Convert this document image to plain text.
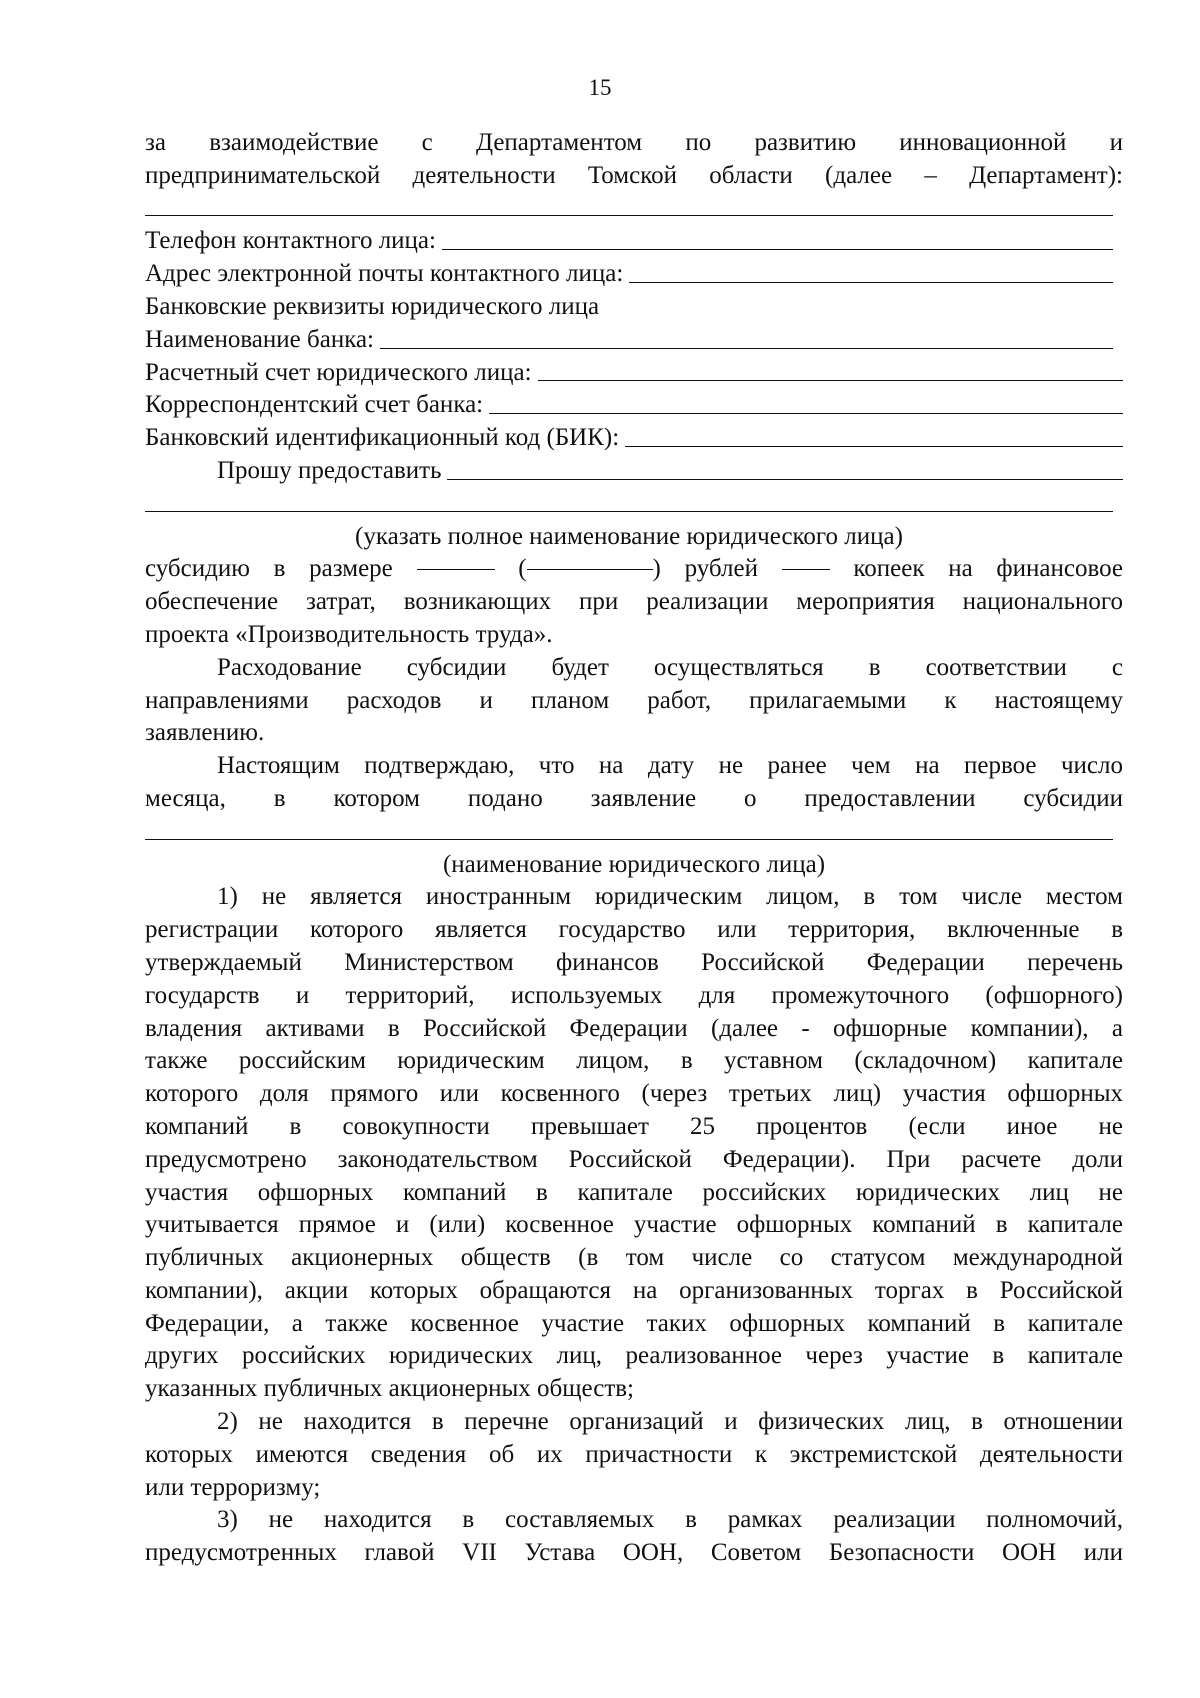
15
за взаимодействие с Департаментом по развитию инновационной и
предпринимательской деятельности Томской области (далее – Департамент):
Телефон контактного лица:
Адрес электронной почты контактного лица:
Банковские реквизиты юридического лица
Наименование банка:
Расчетный счет юридического лица:
Корреспондентский счет банка:
Банковский идентификационный код (БИК):
Прошу предоставить
(указать полное наименование юридического лица)
субсидию в размере	(	) рублей	копеек на финансовое
обеспечение затрат, возникающих при реализации мероприятия национального
проекта «Производительность труда».
Расходование субсидии будет осуществляться в соответствии с
направлениями расходов и планом работ, прилагаемыми к настоящему
заявлению.
Настоящим подтверждаю, что на дату не ранее чем на первое число
месяца, в котором подано заявление о предоставлении субсидии
(наименование юридического лица)
1) не является иностранным юридическим лицом, в том числе местом
регистрации которого является государство или территория, включенные в
утверждаемый Министерством финансов Российской Федерации перечень
государств и территорий, используемых для промежуточного (офшорного)
владения активами в Российской Федерации (далее - офшорные компании), а
также российским юридическим лицом, в уставном (складочном) капитале
которого доля прямого или косвенного (через третьих лиц) участия офшорных
компаний в совокупности превышает 25 процентов (если иное не
предусмотрено законодательством Российской Федерации). При расчете доли
участия офшорных компаний в капитале российских юридических лиц не
учитывается прямое и (или) косвенное участие офшорных компаний в капитале
публичных акционерных обществ (в том числе со статусом международной
компании), акции которых обращаются на организованных торгах в Российской
Федерации, а также косвенное участие таких офшорных компаний в капитале
других российских юридических лиц, реализованное через участие в капитале
указанных публичных акционерных обществ;
2) не находится в перечне организаций и физических лиц, в отношении
которых имеются сведения об их причастности к экстремистской деятельности
или терроризму;
3) не находится в составляемых в рамках реализации полномочий,
предусмотренных главой VII Устава ООН, Советом Безопасности ООН или
